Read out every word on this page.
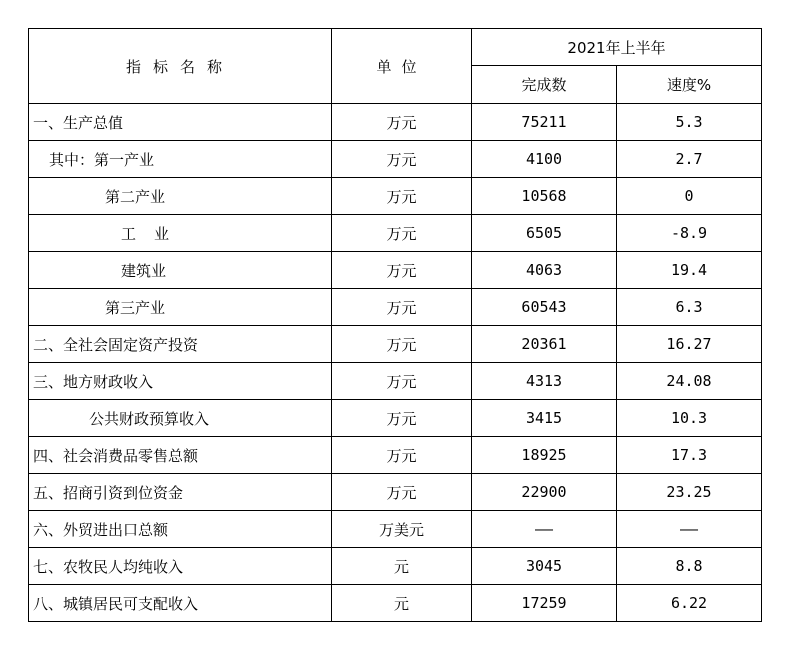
指标名称	单位	2021年上半年	
		完成数	速度%
一、生产总值	万元	75211	5.3
其中：第一产业	万元	4100	2.7
第二产业	万元	10568	0
工业	万元	6505	-8.9
建筑业	万元	4063	19.4
第三产业	万元	60543	6.3
二、全社会固定资产投资	万元	20361	16.27
三、地方财政收入	万元	4313	24.08
公共财政预算收入	万元	3415	10.3
四、社会消费品零售总额	万元	18925	17.3
五、招商引资到位资金	万元	22900	23.25
六、外贸进出口总额	万美元	——	——
七、农牧民人均纯收入	元	3045	8.8
八、城镇居民可支配收入	元	17259	6.22
